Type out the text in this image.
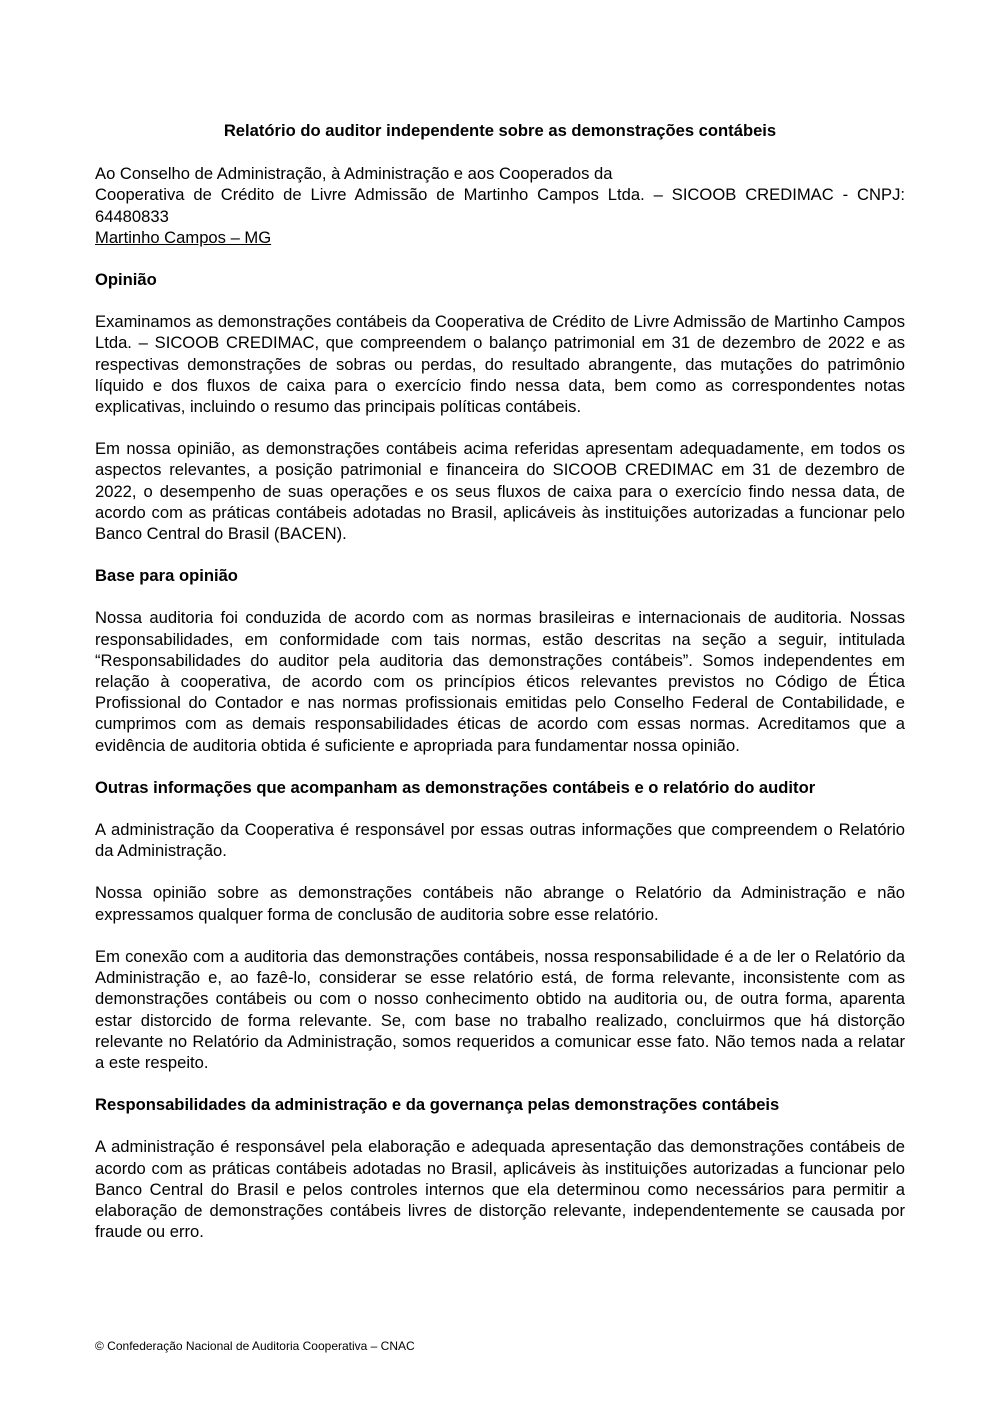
Relatório do auditor independente sobre as demonstrações contábeis

Ao Conselho de Administração, à Administração e aos Cooperados da

Cooperativa de Crédito de Livre Admissão de Martinho Campos Ltda. – SICOOB CREDIMAC - CNPJ: 64480833

Martinho Campos – MG

Opinião

Examinamos as demonstrações contábeis da Cooperativa de Crédito de Livre Admissão de Martinho Campos Ltda. – SICOOB CREDIMAC, que compreendem o balanço patrimonial em 31 de dezembro de 2022 e as respectivas demonstrações de sobras ou perdas, do resultado abrangente, das mutações do patrimônio líquido e dos fluxos de caixa para o exercício findo nessa data, bem como as correspondentes notas explicativas, incluindo o resumo das principais políticas contábeis.

Em nossa opinião, as demonstrações contábeis acima referidas apresentam adequadamente, em todos os aspectos relevantes, a posição patrimonial e financeira do SICOOB CREDIMAC em 31 de dezembro de 2022, o desempenho de suas operações e os seus fluxos de caixa para o exercício findo nessa data, de acordo com as práticas contábeis adotadas no Brasil, aplicáveis às instituições autorizadas a funcionar pelo Banco Central do Brasil (BACEN).

Base para opinião

Nossa auditoria foi conduzida de acordo com as normas brasileiras e internacionais de auditoria. Nossas responsabilidades, em conformidade com tais normas, estão descritas na seção a seguir, intitulada “Responsabilidades do auditor pela auditoria das demonstrações contábeis”. Somos independentes em relação à cooperativa, de acordo com os princípios éticos relevantes previstos no Código de Ética Profissional do Contador e nas normas profissionais emitidas pelo Conselho Federal de Contabilidade, e cumprimos com as demais responsabilidades éticas de acordo com essas normas. Acreditamos que a evidência de auditoria obtida é suficiente e apropriada para fundamentar nossa opinião.

Outras informações que acompanham as demonstrações contábeis e o relatório do auditor

A administração da Cooperativa é responsável por essas outras informações que compreendem o Relatório da Administração.

Nossa opinião sobre as demonstrações contábeis não abrange o Relatório da Administração e não expressamos qualquer forma de conclusão de auditoria sobre esse relatório.

Em conexão com a auditoria das demonstrações contábeis, nossa responsabilidade é a de ler o Relatório da Administração e, ao fazê-lo, considerar se esse relatório está, de forma relevante, inconsistente com as demonstrações contábeis ou com o nosso conhecimento obtido na auditoria ou, de outra forma, aparenta estar distorcido de forma relevante. Se, com base no trabalho realizado, concluirmos que há distorção relevante no Relatório da Administração, somos requeridos a comunicar esse fato. Não temos nada a relatar a este respeito.

Responsabilidades da administração e da governança pelas demonstrações contábeis

A administração é responsável pela elaboração e adequada apresentação das demonstrações contábeis de acordo com as práticas contábeis adotadas no Brasil, aplicáveis às instituições autorizadas a funcionar pelo Banco Central do Brasil e pelos controles internos que ela determinou como necessários para permitir a elaboração de demonstrações contábeis livres de distorção relevante, independentemente se causada por fraude ou erro.

© Confederação Nacional de Auditoria Cooperativa – CNAC
